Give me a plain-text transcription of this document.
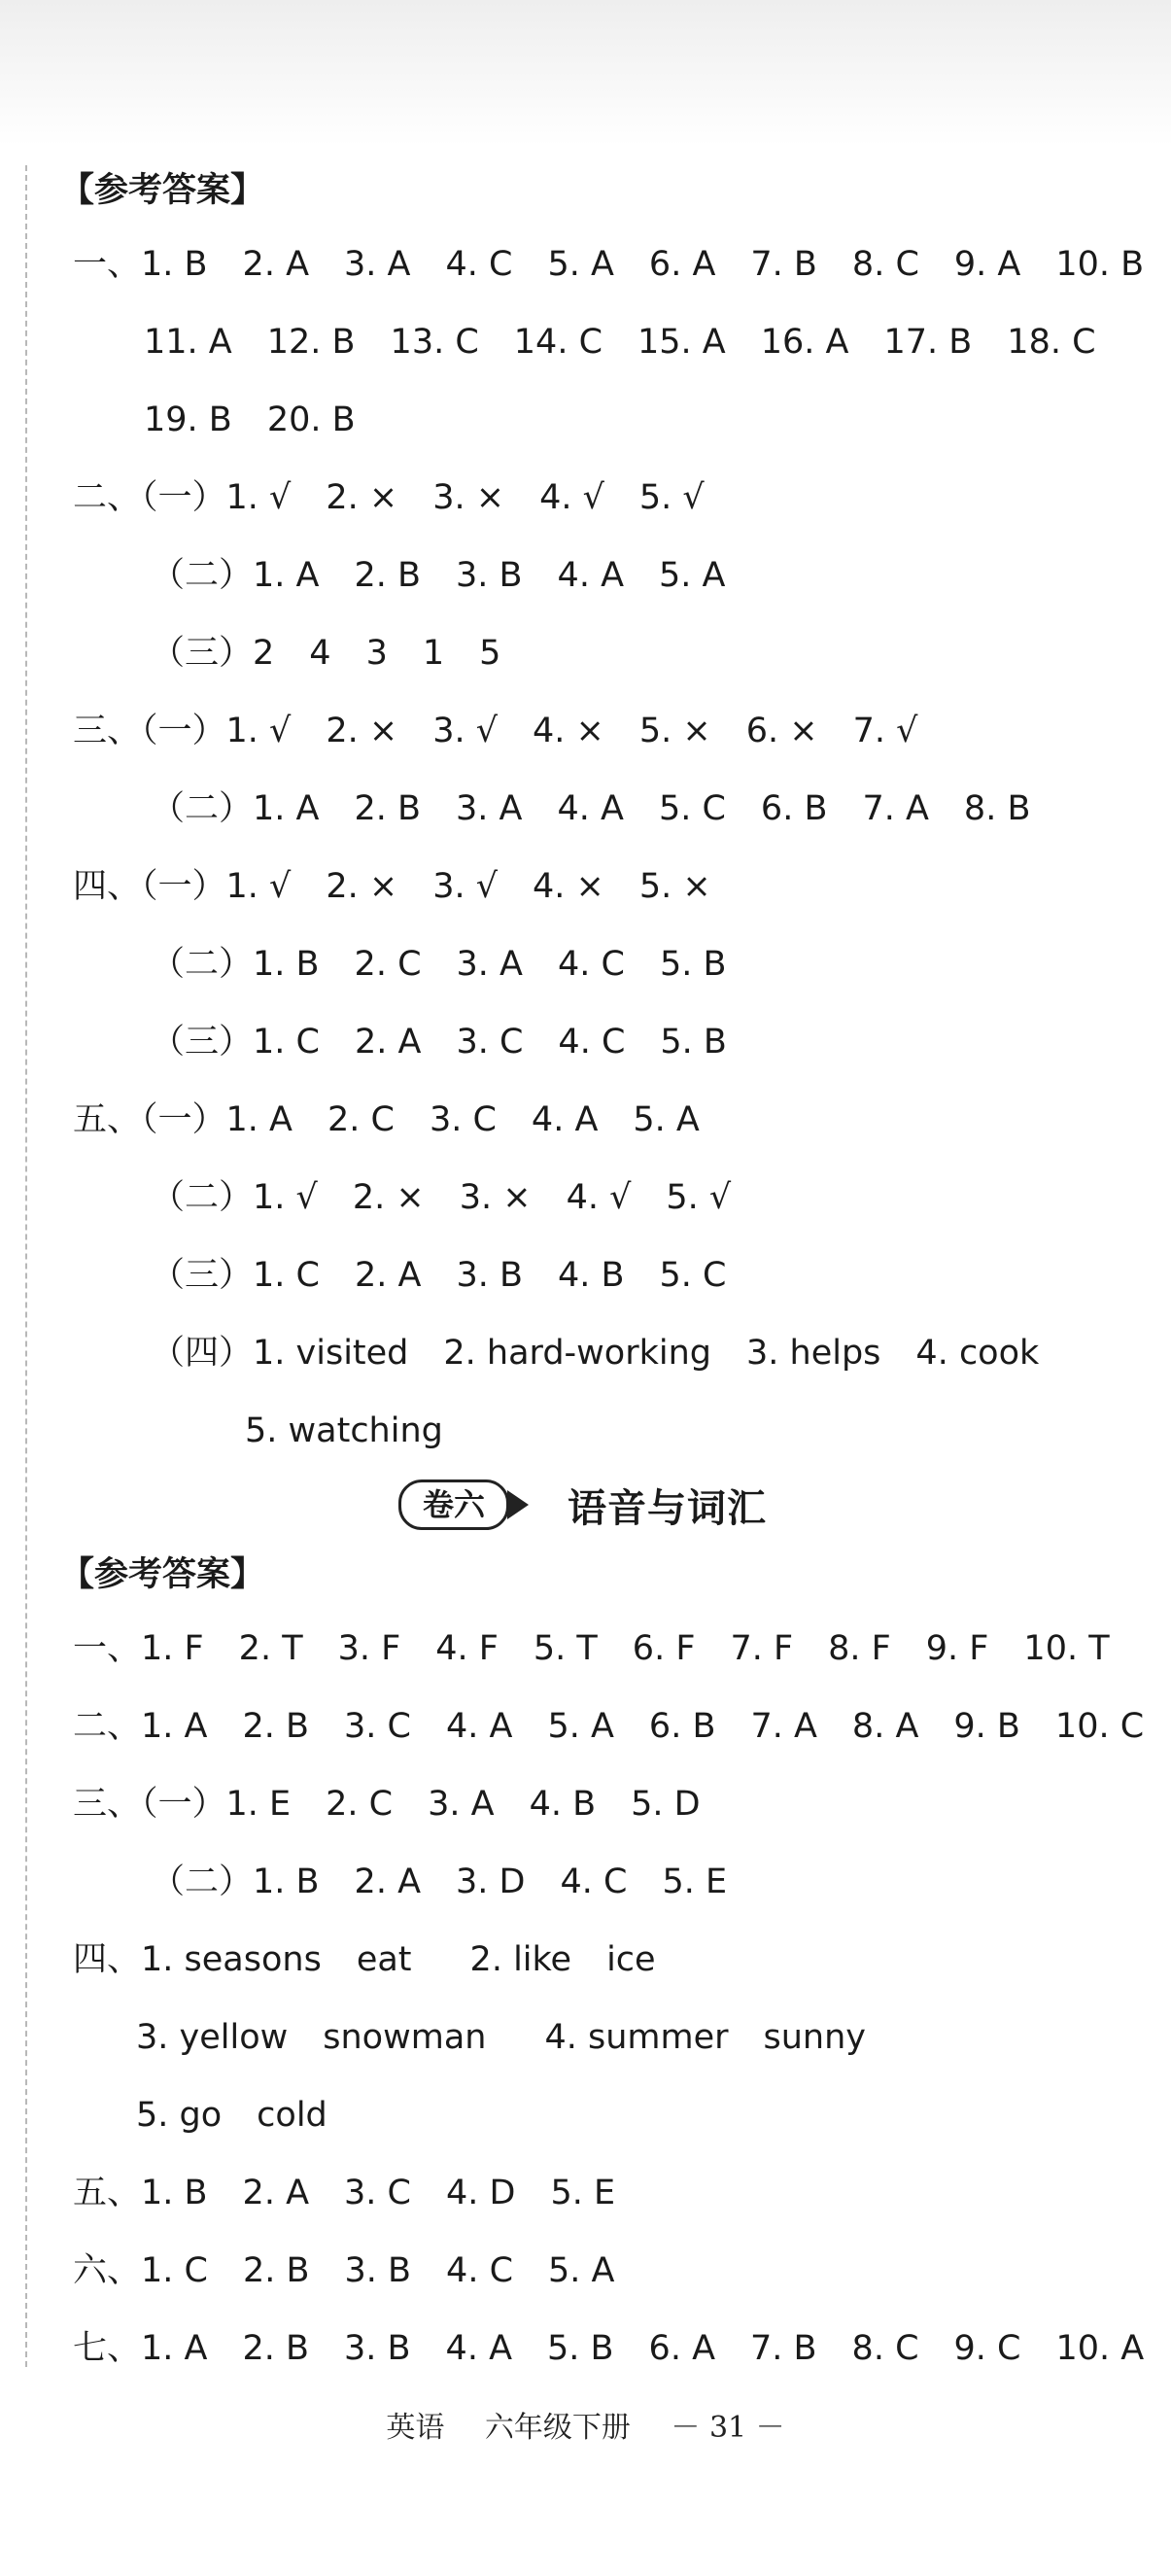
【参考答案】
一、1. B 2. A 3. A 4. C 5. A 6. A 7. B 8. C 9. A 10. B
11. A 12. B 13. C 14. C 15. A 16. A 17. B 18. C
19. B 20. B
二、（一）1. √ 2. × 3. × 4. √ 5. √
（二）1. A 2. B 3. B 4. A 5. A
（三）2 4 3 1 5
三、（一）1. √ 2. × 3. √ 4. × 5. × 6. × 7. √
（二）1. A 2. B 3. A 4. A 5. C 6. B 7. A 8. B
四、（一）1. √ 2. × 3. √ 4. × 5. ×
（二）1. B 2. C 3. A 4. C 5. B
（三）1. C 2. A 3. C 4. C 5. B
五、（一）1. A 2. C 3. C 4. A 5. A
（二）1. √ 2. × 3. × 4. √ 5. √
（三）1. C 2. A 3. B 4. B 5. C
（四）1. visited 2. hard-working 3. helps 4. cook
5. watching
卷六	语音与词汇
【参考答案】
一、1. F 2. T 3. F 4. F 5. T 6. F 7. F 8. F 9. F 10. T
二、1. A 2. B 3. C 4. A 5. A 6. B 7. A 8. A 9. B 10. C
三、（一）1. E 2. C 3. A 4. B 5. D
（二）1. B 2. A 3. D 4. C 5. E
四、1. seasons eat 2. like ice
3. yellow snowman 4. summer sunny
5. go cold
五、1. B 2. A 3. C 4. D 5. E
六、1. C 2. B 3. B 4. C 5. A
七、1. A 2. B 3. B 4. A 5. B 6. A 7. B 8. C 9. C 10. A
英语 六年级下册 － 31 －
